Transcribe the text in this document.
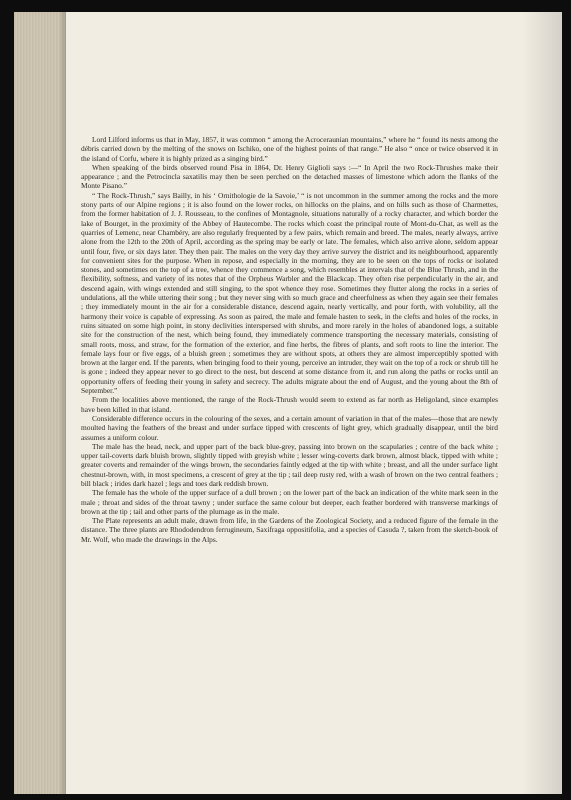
Lord Lilford informs us that in May, 1857, it was common “ among the Acroceraunian mountains,” where he “ found its nests among the débris carried down by the melting of the snows on Ischiko, one of the highest points of that range.” He also “ once or twice observed it in the island of Corfu, where it is highly prized as a singing bird.”

When speaking of the birds observed round Pisa in 1864, Dr. Henry Giglioli says :—“ In April the two Rock-Thrushes make their appearance ; and the Petrocincla saxatilis may then be seen perched on the detached masses of limestone which adorn the flanks of the Monte Pisano.”

“ The Rock-Thrush,” says Bailly, in his ‘ Ornithologie de la Savoie,’ “ is not uncommon in the summer among the rocks and the more stony parts of our Alpine regions ; it is also found on the lower rocks, on hillocks on the plains, and on hills such as those of Charmettes, from the former habitation of J. J. Rousseau, to the confines of Montagnole, situations naturally of a rocky character, and which border the lake of Bourget, in the proximity of the Abbey of Hautecombe. The rocks which coast the principal route of Mont-du-Chat, as well as the quarries of Lemenc, near Chambéry, are also regularly frequented by a few pairs, which remain and breed. The males, nearly always, arrive alone from the 12th to the 20th of April, according as the spring may be early or late. The females, which also arrive alone, seldom appear until four, five, or six days later. They then pair. The males on the very day they arrive survey the district and its neighbourhood, apparently for convenient sites for the purpose. When in repose, and especially in the morning, they are to be seen on the tops of rocks or isolated stones, and sometimes on the top of a tree, whence they commence a song, which resembles at intervals that of the Blue Thrush, and in the flexibility, softness, and variety of its notes that of the Orpheus Warbler and the Blackcap. They often rise perpendicularly in the air, and descend again, with wings extended and still singing, to the spot whence they rose. Sometimes they flutter along the rocks in a series of undulations, all the while uttering their song ; but they never sing with so much grace and cheerfulness as when they again see their females ; they immediately mount in the air for a considerable distance, descend again, nearly vertically, and pour forth, with volubility, all the harmony their voice is capable of expressing. As soon as paired, the male and female hasten to seek, in the clefts and holes of the rocks, in ruins situated on some high point, in stony declivities interspersed with shrubs, and more rarely in the holes of abandoned logs, a suitable site for the construction of the nest, which being found, they immediately commence transporting the necessary materials, consisting of small roots, moss, and straw, for the formation of the exterior, and fine herbs, the fibres of plants, and soft roots to line the interior. The female lays four or five eggs, of a bluish green ; sometimes they are without spots, at others they are almost imperceptibly spotted with brown at the larger end. If the parents, when bringing food to their young, perceive an intruder, they wait on the top of a rock or shrub till he is gone ; indeed they appear never to go direct to the nest, but descend at some distance from it, and run along the paths or rocks until an opportunity offers of feeding their young in safety and secrecy. The adults migrate about the end of August, and the young about the 8th of September.”

From the localities above mentioned, the range of the Rock-Thrush would seem to extend as far north as Heligoland, since examples have been killed in that island.

Considerable difference occurs in the colouring of the sexes, and a certain amount of variation in that of the males—those that are newly moulted having the feathers of the breast and under surface tipped with crescents of light grey, which gradually disappear, until the bird assumes a uniform colour.

The male has the head, neck, and upper part of the back blue-grey, passing into brown on the scapularies ; centre of the back white ; upper tail-coverts dark bluish brown, slightly tipped with greyish white ; lesser wing-coverts dark brown, almost black, tipped with white ; greater coverts and remainder of the wings brown, the secondaries faintly edged at the tip with white ; breast, and all the under surface light chestnut-brown, with, in most specimens, a crescent of grey at the tip ; tail deep rusty red, with a wash of brown on the two central feathers ; bill black ; irides dark hazel ; legs and toes dark reddish brown.

The female has the whole of the upper surface of a dull brown ; on the lower part of the back an indication of the white mark seen in the male ; throat and sides of the throat tawny ; under surface the same colour but deeper, each feather bordered with transverse markings of brown at the tip ; tail and other parts of the plumage as in the male.

The Plate represents an adult male, drawn from life, in the Gardens of the Zoological Society, and a reduced figure of the female in the distance. The three plants are Rhododendron ferrugineum, Saxifraga oppositifolia, and a species of Casuda ?, taken from the sketch-book of Mr. Wolf, who made the drawings in the Alps.
